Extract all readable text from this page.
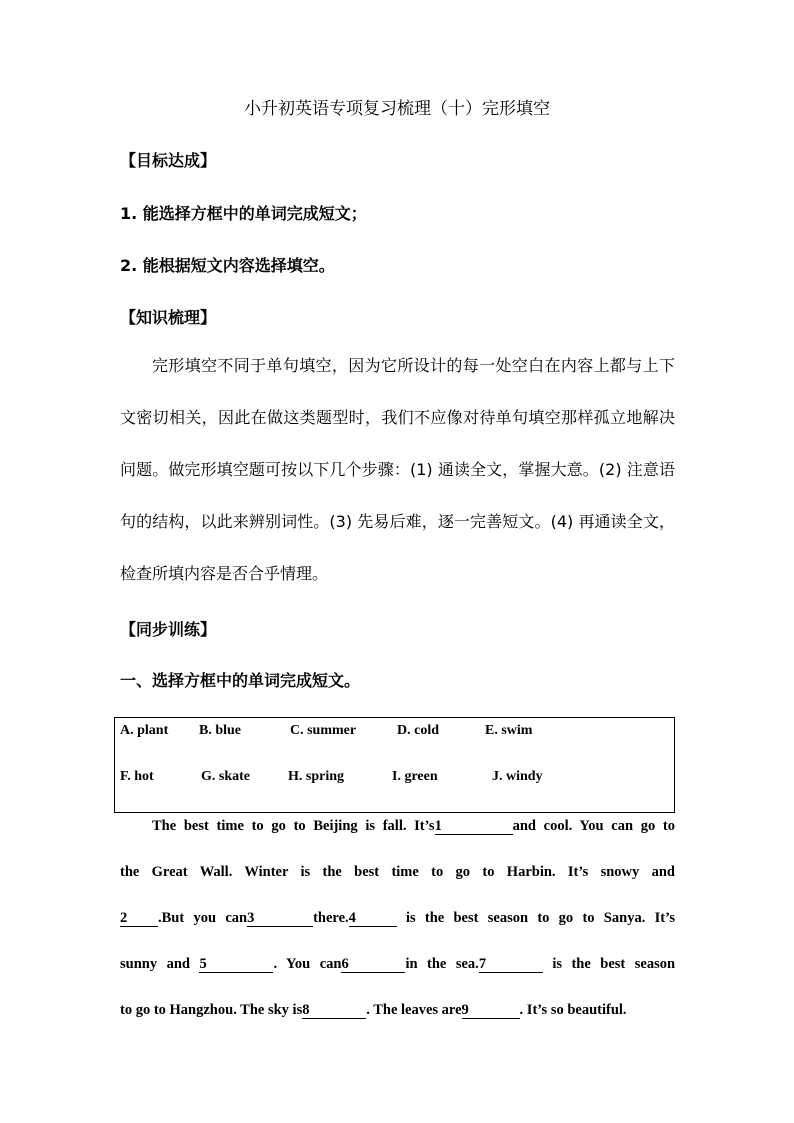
小升初英语专项复习梳理（十）完形填空
【目标达成】
1. 能选择方框中的单词完成短文；
2. 能根据短文内容选择填空。
【知识梳理】
完形填空不同于单句填空，因为它所设计的每一处空白在内容上都与上下
文密切相关，因此在做这类题型时，我们不应像对待单句填空那样孤立地解决
问题。做完形填空题可按以下几个步骤：(1) 通读全文，掌握大意。(2) 注意语
句的结构，以此来辨别词性。(3) 先易后难，逐一完善短文。(4) 再通读全文，
检查所填内容是否合乎情理。
【同步训练】
一、选择方框中的单词完成短文。
A. plant B. blue	C. summer	D. cold	E. swim
F. hot	G. skate	H. spring	I. green	J. windy
The best time to go to Beijing is fall. It’s1	and cool. You can go to
the Great Wall. Winter is the best time to go to Harbin. It’s snowy and
2 .But you can3	there.4	is the best season to go to Sanya. It’s
sunny and 5	. You can6	in the sea.7	is the best season
to go to Hangzhou. The sky is8	. The leaves are9	. It’s so beautiful.
